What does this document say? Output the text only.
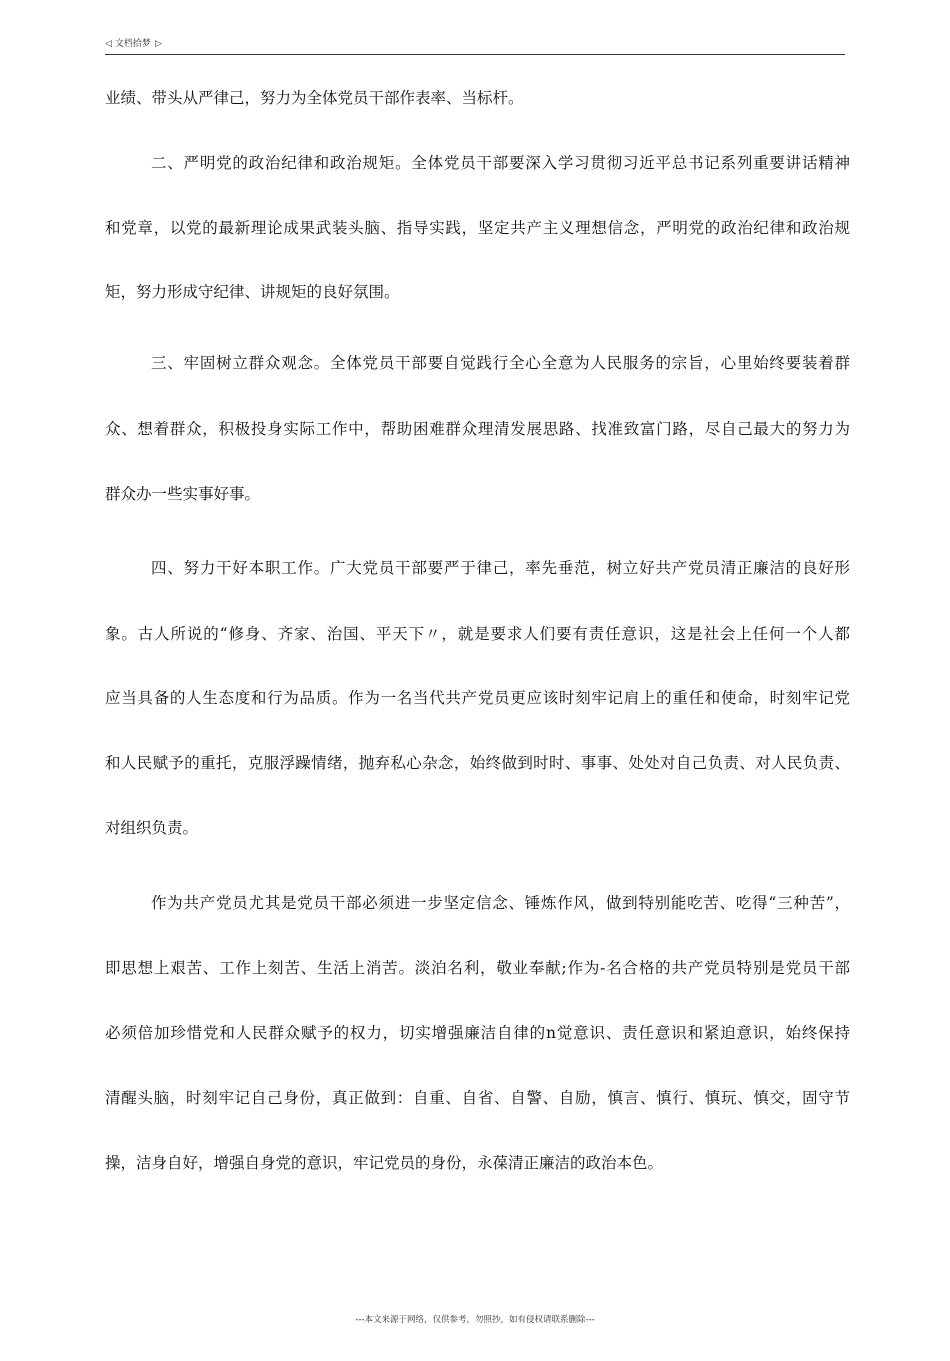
◁ 文档拾梦 ▷
业绩、带头从严律己，努力为全体党员干部作表率、当标杆。
二、严明党的政治纪律和政治规矩。全体党员干部要深入学习贯彻习近平总书记系列重要讲话精神
和党章，以党的最新理论成果武装头脑、指导实践，坚定共产主义理想信念，严明党的政治纪律和政治规
矩，努力形成守纪律、讲规矩的良好氛围。
三、牢固树立群众观念。全体党员干部要自觉践行全心全意为人民服务的宗旨，心里始终要装着群
众、想着群众，积极投身实际工作中，帮助困难群众理清发展思路、找准致富门路，尽自己最大的努力为
群众办一些实事好事。
四、努力干好本职工作。广大党员干部要严于律己，率先垂范，树立好共产党员清正廉洁的良好形
象。古人所说的“修身、齐家、治国、平天下〃，就是要求人们要有责任意识，这是社会上任何一个人都
应当具备的人生态度和行为品质。作为一名当代共产党员更应该时刻牢记肩上的重任和使命，时刻牢记党
和人民赋予的重托，克服浮躁情绪，抛弃私心杂念，始终做到时时、事事、处处对自己负责、对人民负责、
对组织负责。
作为共产党员尤其是党员干部必须进一步坚定信念、锤炼作风，做到特别能吃苦、吃得“三种苦”，
即思想上艰苦、工作上刻苦、生活上消苦。淡泊名利，敬业奉献;作为-名合格的共产党员特别是党员干部
必须倍加珍惜党和人民群众赋予的权力，切实增强廉洁自律的n觉意识、责任意识和紧迫意识，始终保持
清醒头脑，时刻牢记自己身份，真正做到：自重、自省、自警、自励，慎言、慎行、慎玩、慎交，固守节
操，洁身自好，增强自身党的意识，牢记党员的身份，永葆清正廉洁的政治本色。
---本文来源于网络，仅供参考，勿照抄，如有侵权请联系删除---
